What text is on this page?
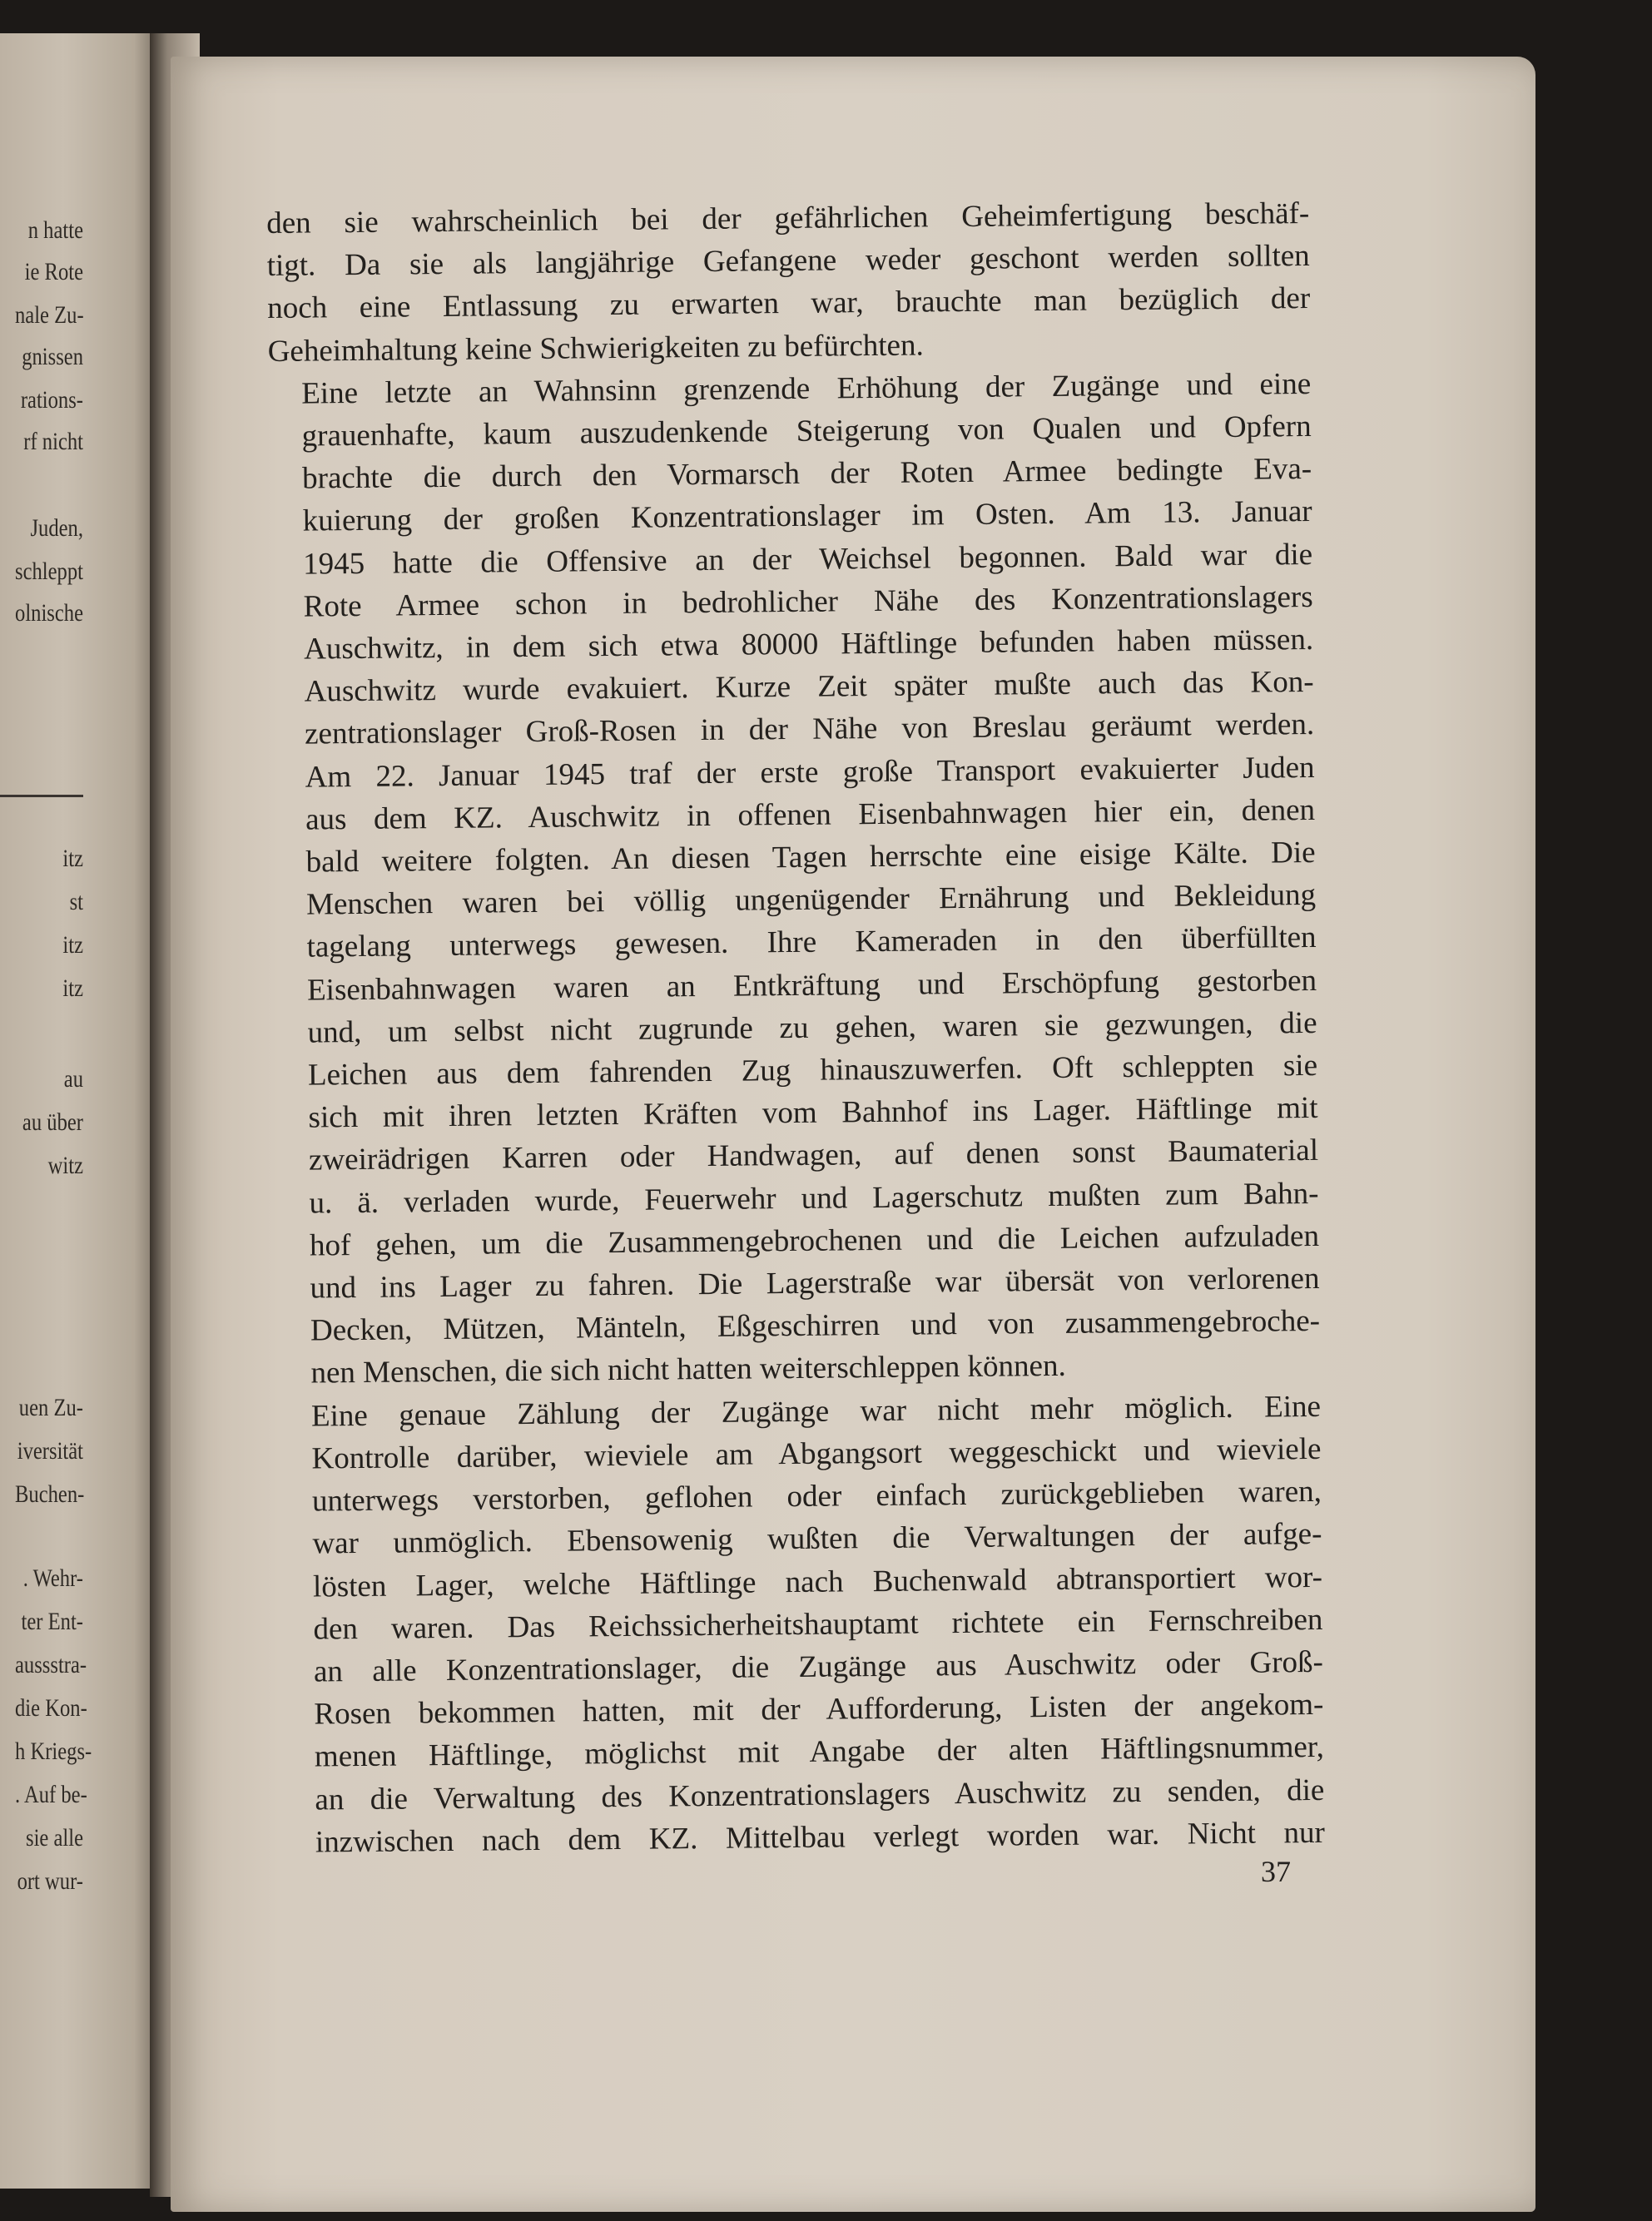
n hatte
ie Rote
nale Zu-
gnissen
rations-
rf nicht
Juden,
schleppt
olnische
itz
st
itz
itz
au
au über
witz
uen Zu-
iversität
Buchen-
. Wehr-
ter Ent-
aussstra-
die Kon-
h Kriegs-
. Auf be-
sie alle
ort wur-

den sie wahrscheinlich bei der gefährlichen Geheimfertigung beschäf-
tigt. Da sie als langjährige Gefangene weder geschont werden sollten
noch eine Entlassung zu erwarten war, brauchte man bezüglich der
Geheimhaltung keine Schwierigkeiten zu befürchten.

Eine letzte an Wahnsinn grenzende Erhöhung der Zugänge und eine
grauenhafte, kaum auszudenkende Steigerung von Qualen und Opfern
brachte die durch den Vormarsch der Roten Armee bedingte Eva-
kuierung der großen Konzentrationslager im Osten. Am 13. Januar
1945 hatte die Offensive an der Weichsel begonnen. Bald war die
Rote Armee schon in bedrohlicher Nähe des Konzentrationslagers
Auschwitz, in dem sich etwa 80000 Häftlinge befunden haben müssen.
Auschwitz wurde evakuiert. Kurze Zeit später mußte auch das Kon-
zentrationslager Groß-Rosen in der Nähe von Breslau geräumt werden.
Am 22. Januar 1945 traf der erste große Transport evakuierter Juden
aus dem KZ. Auschwitz in offenen Eisenbahnwagen hier ein, denen
bald weitere folgten. An diesen Tagen herrschte eine eisige Kälte. Die
Menschen waren bei völlig ungenügender Ernährung und Bekleidung
tagelang unterwegs gewesen. Ihre Kameraden in den überfüllten
Eisenbahnwagen waren an Entkräftung und Erschöpfung gestorben
und, um selbst nicht zugrunde zu gehen, waren sie gezwungen, die
Leichen aus dem fahrenden Zug hinauszuwerfen. Oft schleppten sie
sich mit ihren letzten Kräften vom Bahnhof ins Lager. Häftlinge mit
zweirädrigen Karren oder Handwagen, auf denen sonst Baumaterial
u. ä. verladen wurde, Feuerwehr und Lagerschutz mußten zum Bahn-
hof gehen, um die Zusammengebrochenen und die Leichen aufzuladen
und ins Lager zu fahren. Die Lagerstraße war übersät von verlorenen
Decken, Mützen, Mänteln, Eßgeschirren und von zusammengebroche-
nen Menschen, die sich nicht hatten weiterschleppen können.

Eine genaue Zählung der Zugänge war nicht mehr möglich. Eine
Kontrolle darüber, wieviele am Abgangsort weggeschickt und wieviele
unterwegs verstorben, geflohen oder einfach zurückgeblieben waren,
war unmöglich. Ebensowenig wußten die Verwaltungen der aufge-
lösten Lager, welche Häftlinge nach Buchenwald abtransportiert wor-
den waren. Das Reichssicherheitshauptamt richtete ein Fernschreiben
an alle Konzentrationslager, die Zugänge aus Auschwitz oder Groß-
Rosen bekommen hatten, mit der Aufforderung, Listen der angekom-
menen Häftlinge, möglichst mit Angabe der alten Häftlingsnummer,
an die Verwaltung des Konzentrationslagers Auschwitz zu senden, die
inzwischen nach dem KZ. Mittelbau verlegt worden war. Nicht nur

37
